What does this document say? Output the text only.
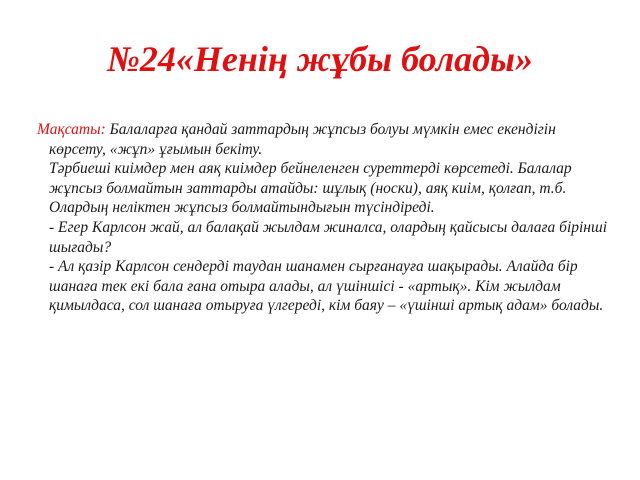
№24«Ненің жұбы болады»
Мақсаты: Балаларға қандай заттардың жұпсыз болуы мүмкін емес екендігін
көрсету, «жұп» ұғымын бекіту.
Тәрбиеші киімдер мен аяқ киімдер бейнеленген суреттерді көрсетеді. Балалар жұпсыз болмайтын заттарды атайды: шұлық (носки), аяқ киім, қолғап, т.б. Олардың неліктен жұпсыз болмайтындығын түсіндіреді.
- Егер Карлсон жай, ал балақай жылдам жиналса, олардың қайсысы далаға бірінші шығады?
- Ал қазір Карлсон сендерді таудан шанамен сырғанауға шақырады. Алайда бір шанаға тек екі бала ғана отыра алады, ал үшіншісі - «артық». Кім жылдам қимылдаса, сол шанаға отыруға үлгереді, кім баяу – «үшінші артық адам» болады.
